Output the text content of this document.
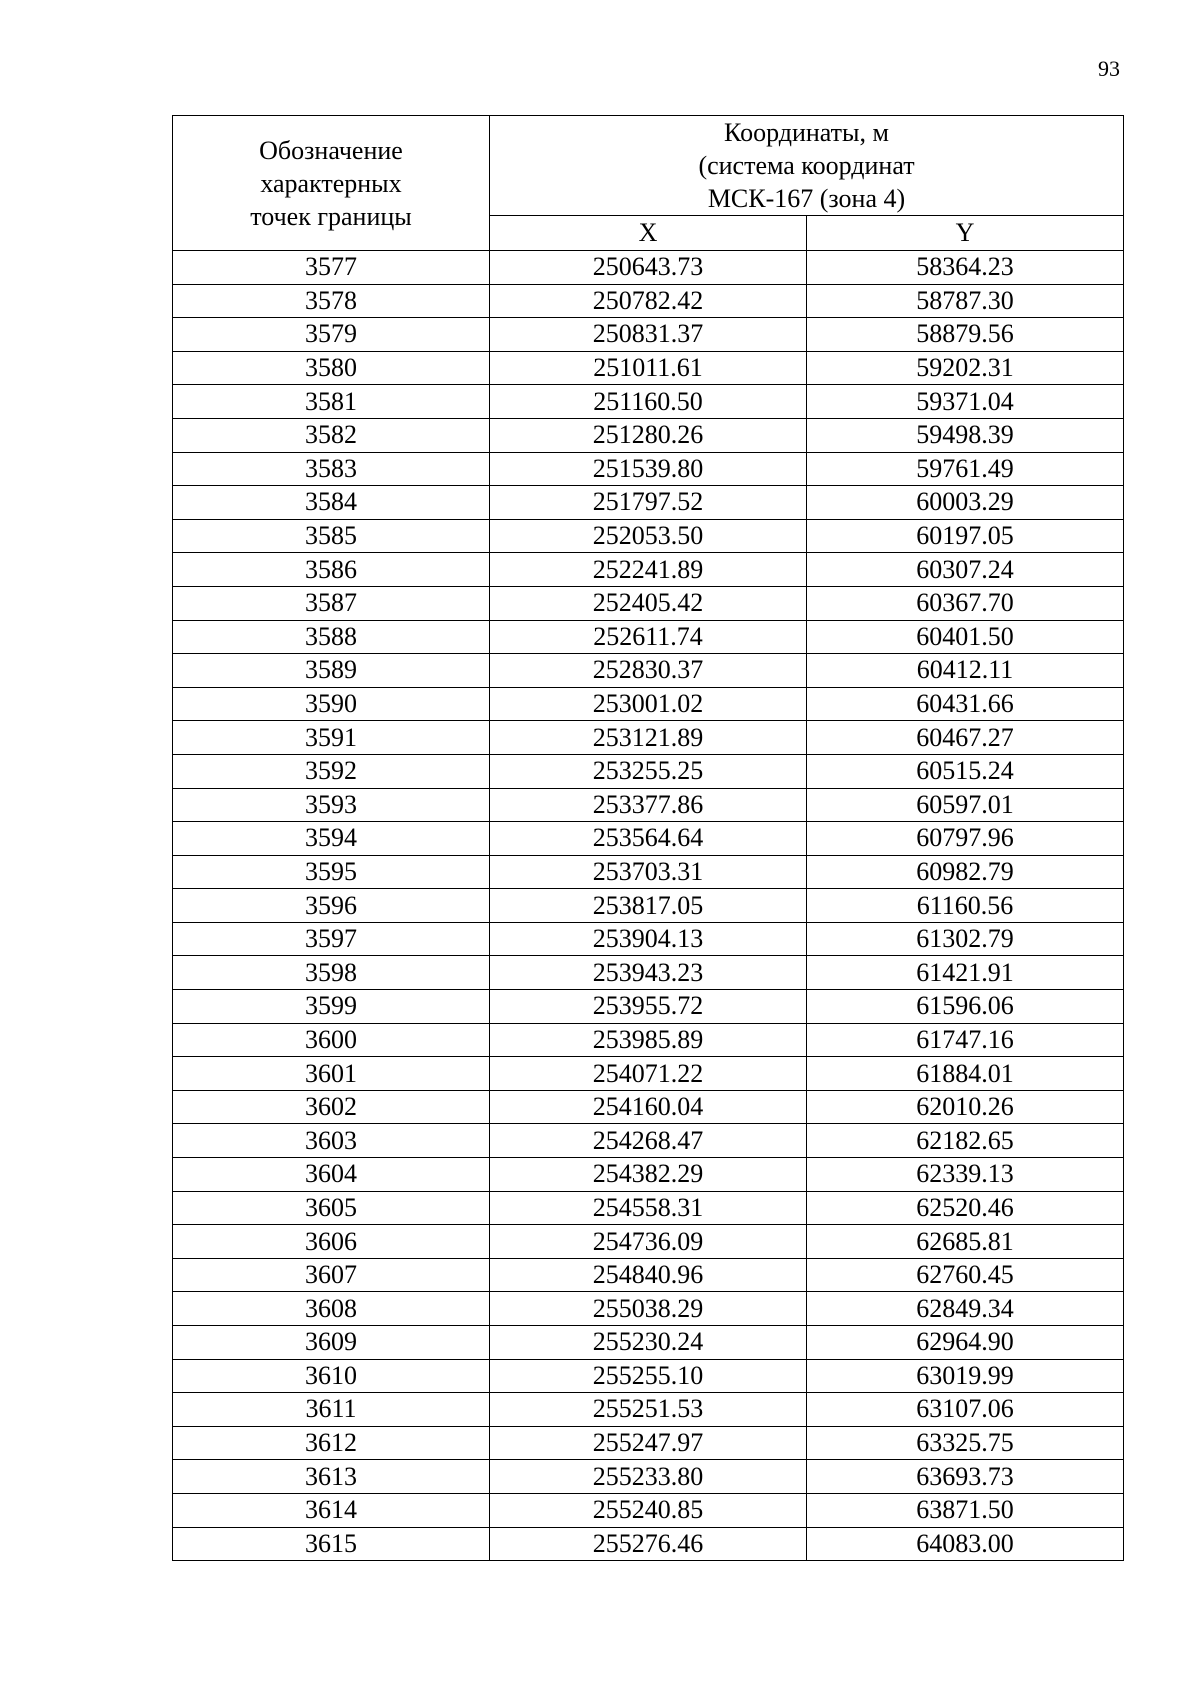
93
Обозначение
характерных
точек границы	Координаты, м
(система координат
МСК-167 (зона 4)	

	X	Y
3577	250643.73	58364.23
3578	250782.42	58787.30
3579	250831.37	58879.56
3580	251011.61	59202.31
3581	251160.50	59371.04
3582	251280.26	59498.39
3583	251539.80	59761.49
3584	251797.52	60003.29
3585	252053.50	60197.05
3586	252241.89	60307.24
3587	252405.42	60367.70
3588	252611.74	60401.50
3589	252830.37	60412.11
3590	253001.02	60431.66
3591	253121.89	60467.27
3592	253255.25	60515.24
3593	253377.86	60597.01
3594	253564.64	60797.96
3595	253703.31	60982.79
3596	253817.05	61160.56
3597	253904.13	61302.79
3598	253943.23	61421.91
3599	253955.72	61596.06
3600	253985.89	61747.16
3601	254071.22	61884.01
3602	254160.04	62010.26
3603	254268.47	62182.65
3604	254382.29	62339.13
3605	254558.31	62520.46
3606	254736.09	62685.81
3607	254840.96	62760.45
3608	255038.29	62849.34
3609	255230.24	62964.90
3610	255255.10	63019.99
3611	255251.53	63107.06
3612	255247.97	63325.75
3613	255233.80	63693.73
3614	255240.85	63871.50
3615	255276.46	64083.00
